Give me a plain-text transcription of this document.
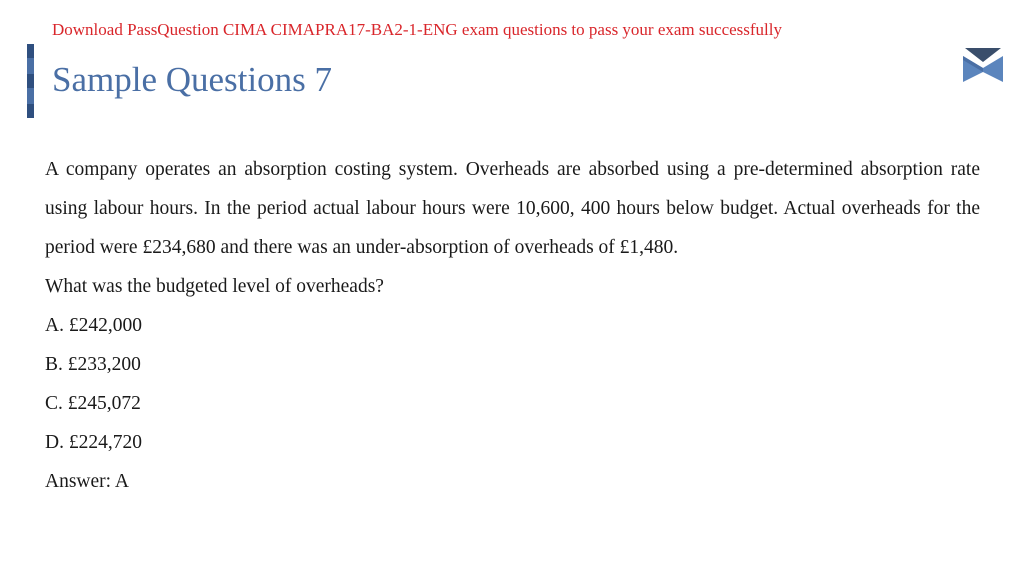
Download PassQuestion CIMA CIMAPRA17-BA2-1-ENG exam questions to pass your exam successfully
Sample Questions 7

A company operates an absorption costing system. Overheads are absorbed using a pre-determined absorption rate using labour hours. In the period actual labour hours were 10,600, 400 hours below budget. Actual overheads for the period were £234,680 and there was an under-absorption of overheads of £1,480.

What was the budgeted level of overheads?

A. £242,000

B. £233,200

C. £245,072

D. £224,720

Answer: A
